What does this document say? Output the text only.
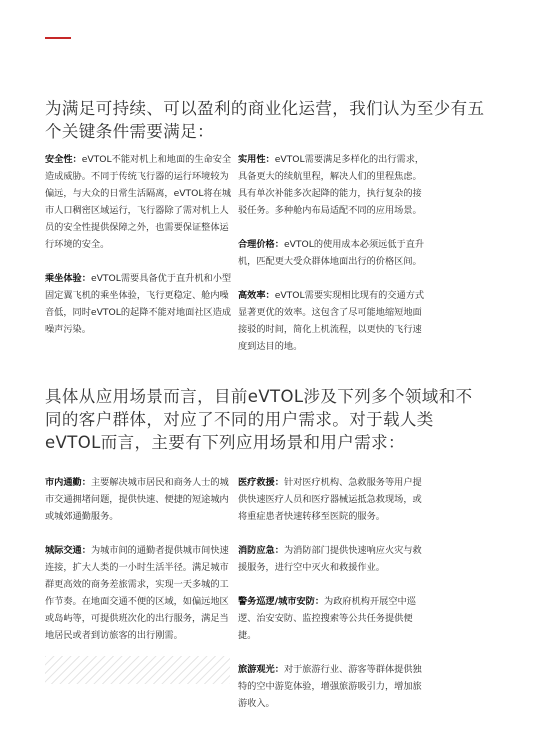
为满足可持续、可以盈利的商业化运营，我们认为至少有五个关键条件需要满足：

安全性：eVTOL不能对机上和地面的生命安全造成威胁。不同于传统飞行器的运行环境较为偏远，与大众的日常生活隔离，eVTOL将在城市人口稠密区域运行，飞行器除了需对机上人员的安全性提供保障之外，也需要保证整体运行环境的安全。

乘坐体验：eVTOL需要具备优于直升机和小型固定翼飞机的乘坐体验，飞行更稳定、舱内噪音低，同时eVTOL的起降不能对地面社区造成噪声污染。

实用性：eVTOL需要满足多样化的出行需求，具备更大的续航里程，解决人们的里程焦虑。具有单次补能多次起降的能力，执行复杂的接驳任务。多种舱内布局适配不同的应用场景。

合理价格：eVTOL的使用成本必须远低于直升机，匹配更大受众群体地面出行的价格区间。

高效率：eVTOL需要实现相比现有的交通方式显著更优的效率。这包含了尽可能地缩短地面接驳的时间，简化上机流程，以更快的飞行速度到达目的地。

具体从应用场景而言，目前eVTOL涉及下列多个领域和不同的客户群体，对应了不同的用户需求。对于载人类eVTOL而言，主要有下列应用场景和用户需求：

市内通勤：主要解决城市居民和商务人士的城市交通拥堵问题，提供快速、便捷的短途城内或城郊通勤服务。

城际交通：为城市间的通勤者提供城市间快速连接，扩大人类的一小时生活半径。满足城市群更高效的商务差旅需求，实现一天多城的工作节奏。在地面交通不便的区域，如偏远地区或岛屿等，可提供班次化的出行服务，满足当地居民或者到访旅客的出行刚需。

医疗救援：针对医疗机构、急救服务等用户提供快速医疗人员和医疗器械运抵急救现场，或将重症患者快速转移至医院的服务。

消防应急：为消防部门提供快速响应火灾与救援服务，进行空中灭火和救援作业。

警务巡逻/城市安防：为政府机构开展空中巡逻、治安安防、监控搜索等公共任务提供便捷。

旅游观光：对于旅游行业、游客等群体提供独特的空中游览体验，增强旅游吸引力，增加旅游收入。
